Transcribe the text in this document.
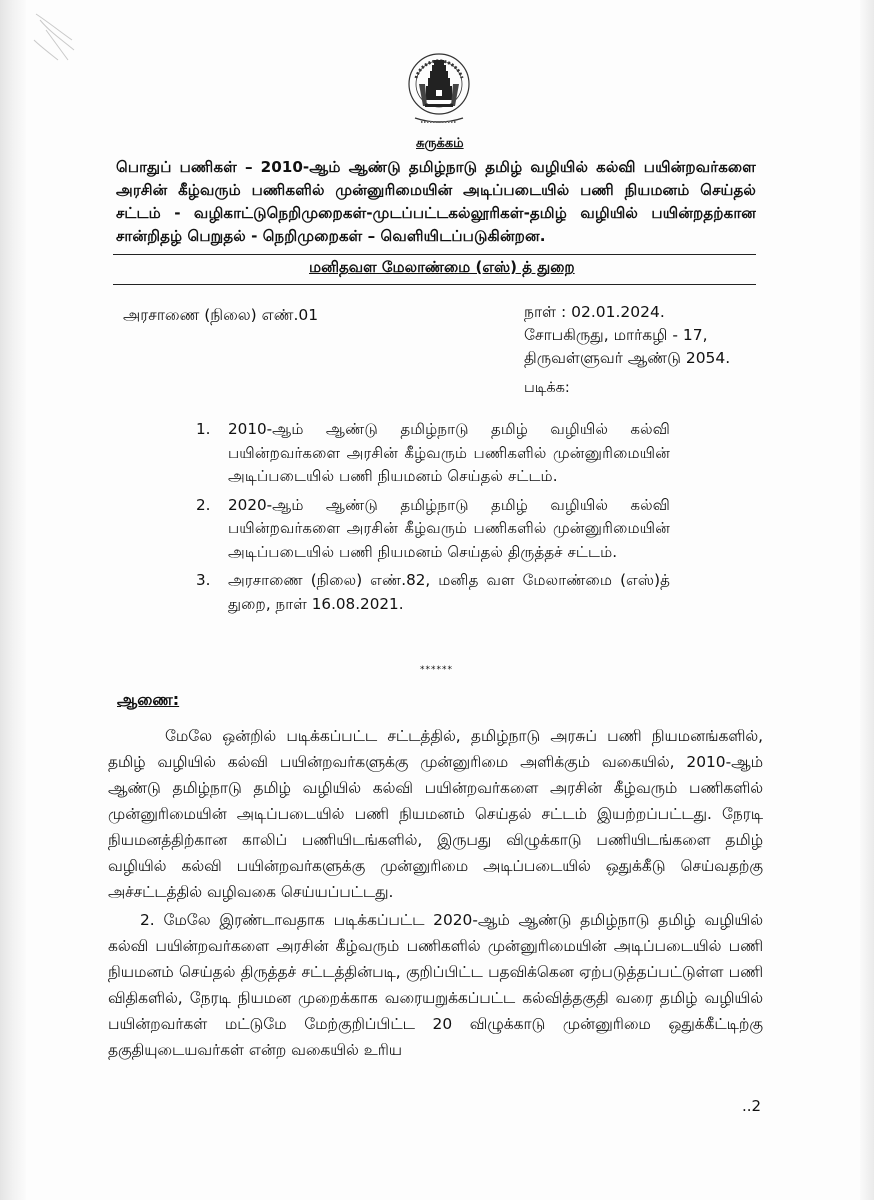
சுருக்கம்
பொதுப் பணிகள் – 2010-ஆம் ஆண்டு தமிழ்நாடு தமிழ் வழியில் கல்வி பயின்றவர்களை அரசின் கீழ்வரும் பணிகளில் முன்னுரிமையின் அடிப்படையில் பணி நியமனம் செய்தல் சட்டம் - வழிகாட்டுநெறிமுறைகள்-முடப்பட்டகல்லூரிகள்-தமிழ் வழியில் பயின்றதற்கான சான்றிதழ் பெறுதல் - நெறிமுறைகள் – வெளியிடப்படுகின்றன.
மனிதவள மேலாண்மை (எஸ்) த் துறை
அரசாணை (நிலை) எண்.01	நாள் : 02.01.2024.
சோபகிருது, மார்கழி - 17,
திருவள்ளுவர் ஆண்டு 2054.
படிக்க:
1. 2010-ஆம் ஆண்டு தமிழ்நாடு தமிழ் வழியில் கல்வி பயின்றவர்களை அரசின் கீழ்வரும் பணிகளில் முன்னுரிமையின் அடிப்படையில் பணி நியமனம் செய்தல் சட்டம்.
2. 2020-ஆம் ஆண்டு தமிழ்நாடு தமிழ் வழியில் கல்வி பயின்றவர்களை அரசின் கீழ்வரும் பணிகளில் முன்னுரிமையின் அடிப்படையில் பணி நியமனம் செய்தல் திருத்தச் சட்டம்.
3. அரசாணை (நிலை) எண்.82, மனித வள மேலாண்மை (எஸ்)த் துறை, நாள் 16.08.2021.
******
ஆணை:

மேலே ஒன்றில் படிக்கப்பட்ட சட்டத்தில், தமிழ்நாடு அரசுப் பணி நியமனங்களில், தமிழ் வழியில் கல்வி பயின்றவர்களுக்கு முன்னுரிமை அளிக்கும் வகையில், 2010-ஆம் ஆண்டு தமிழ்நாடு தமிழ் வழியில் கல்வி பயின்றவர்களை அரசின் கீழ்வரும் பணிகளில் முன்னுரிமையின் அடிப்படையில் பணி நியமனம் செய்தல் சட்டம் இயற்றப்பட்டது. நேரடி நியமனத்திற்கான காலிப் பணியிடங்களில், இருபது விழுக்காடு பணியிடங்களை தமிழ் வழியில் கல்வி பயின்றவர்களுக்கு முன்னுரிமை அடிப்படையில் ஒதுக்கீடு செய்வதற்கு அச்சட்டத்தில் வழிவகை செய்யப்பட்டது.

2. மேலே இரண்டாவதாக படிக்கப்பட்ட 2020-ஆம் ஆண்டு தமிழ்நாடு தமிழ் வழியில் கல்வி பயின்றவர்களை அரசின் கீழ்வரும் பணிகளில் முன்னுரிமையின் அடிப்படையில் பணி நியமனம் செய்தல் திருத்தச் சட்டத்தின்படி, குறிப்பிட்ட பதவிக்கென ஏற்படுத்தப்பட்டுள்ள பணி விதிகளில், நேரடி நியமன முறைக்காக வரையறுக்கப்பட்ட கல்வித்தகுதி வரை தமிழ் வழியில் பயின்றவர்கள் மட்டுமே மேற்குறிப்பிட்ட 20 விழுக்காடு முன்னுரிமை ஒதுக்கீட்டிற்கு தகுதியுடையவர்கள் என்ற வகையில் உரிய

..2
